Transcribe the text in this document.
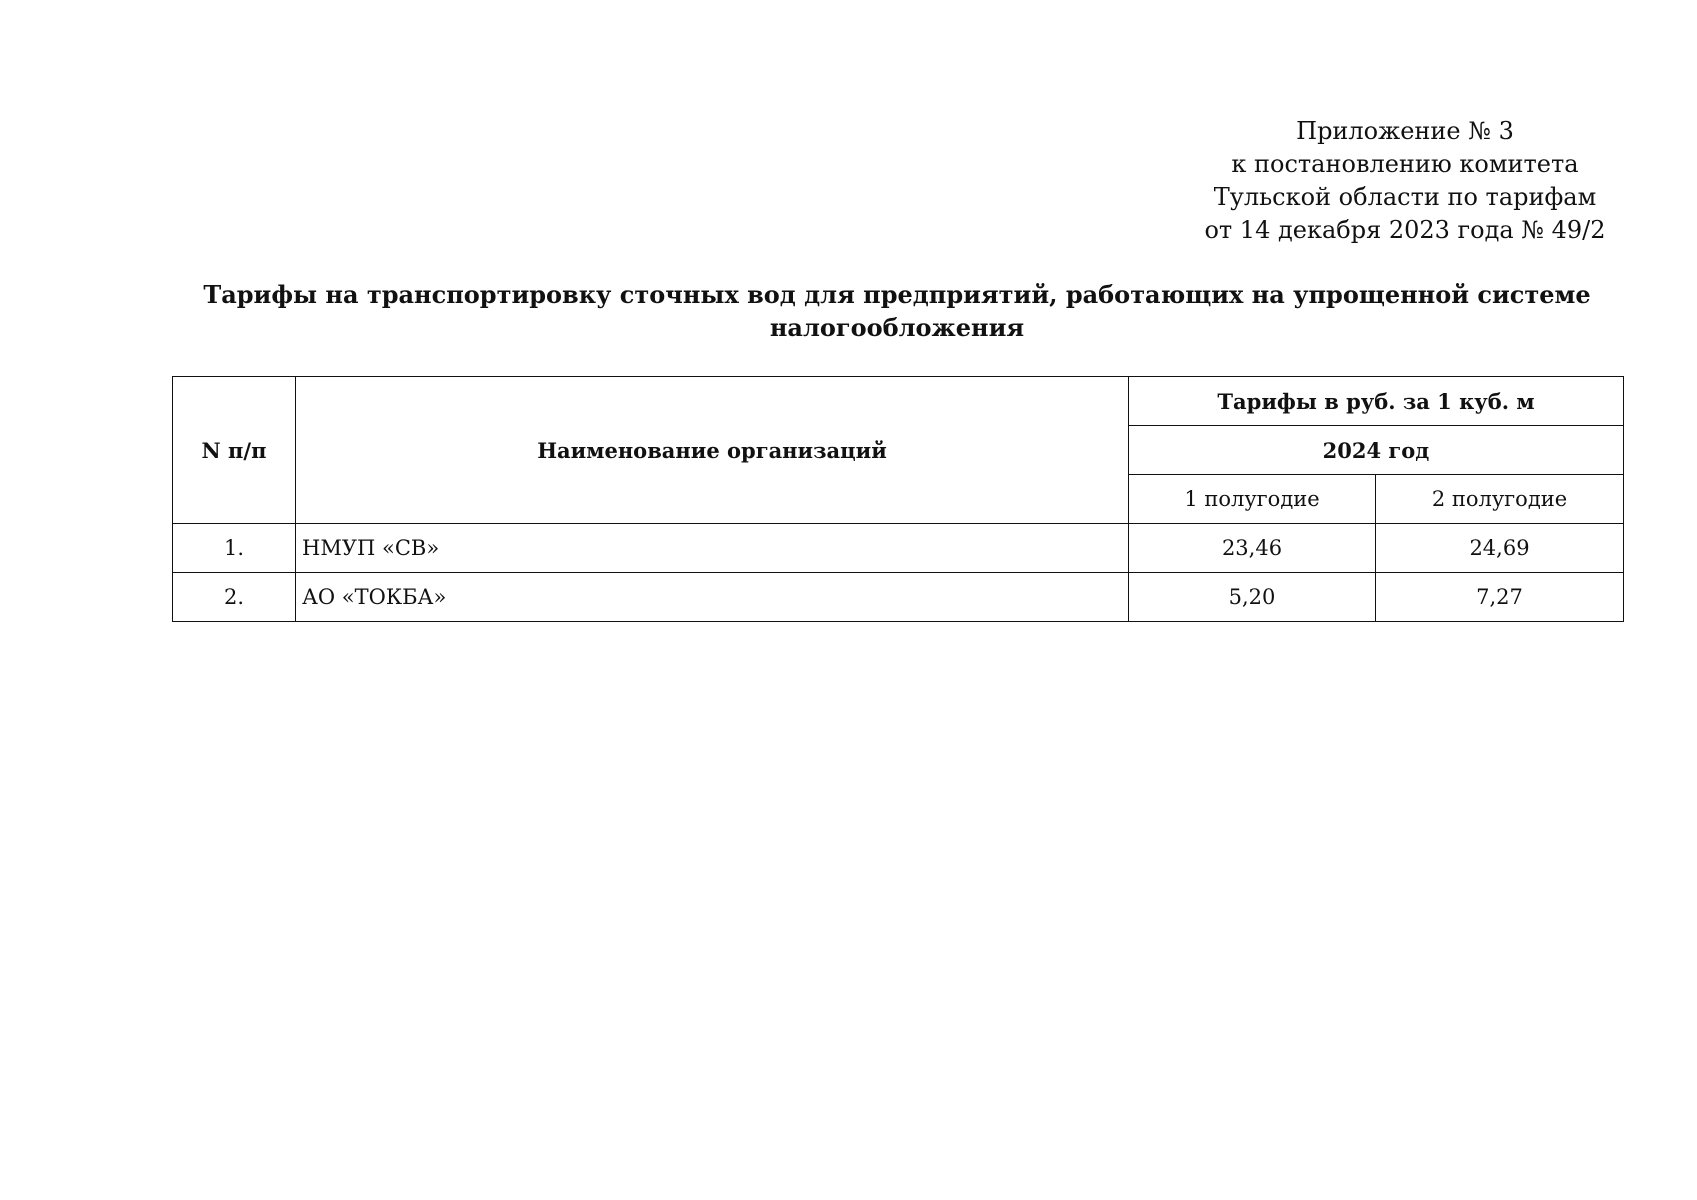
Приложение № 3
к постановлению комитета
Тульской области по тарифам
от 14 декабря 2023 года № 49/2
Тарифы на транспортировку сточных вод для предприятий, работающих на упрощенной системе налогообложения
N п/п	Наименование организаций	Тарифы в руб. за 1 куб. м	
		2024 год	
		1 полугодие	2 полугодие
1.	НМУП «СВ»	23,46	24,69
2.	АО «ТОКБА»	5,20	7,27
